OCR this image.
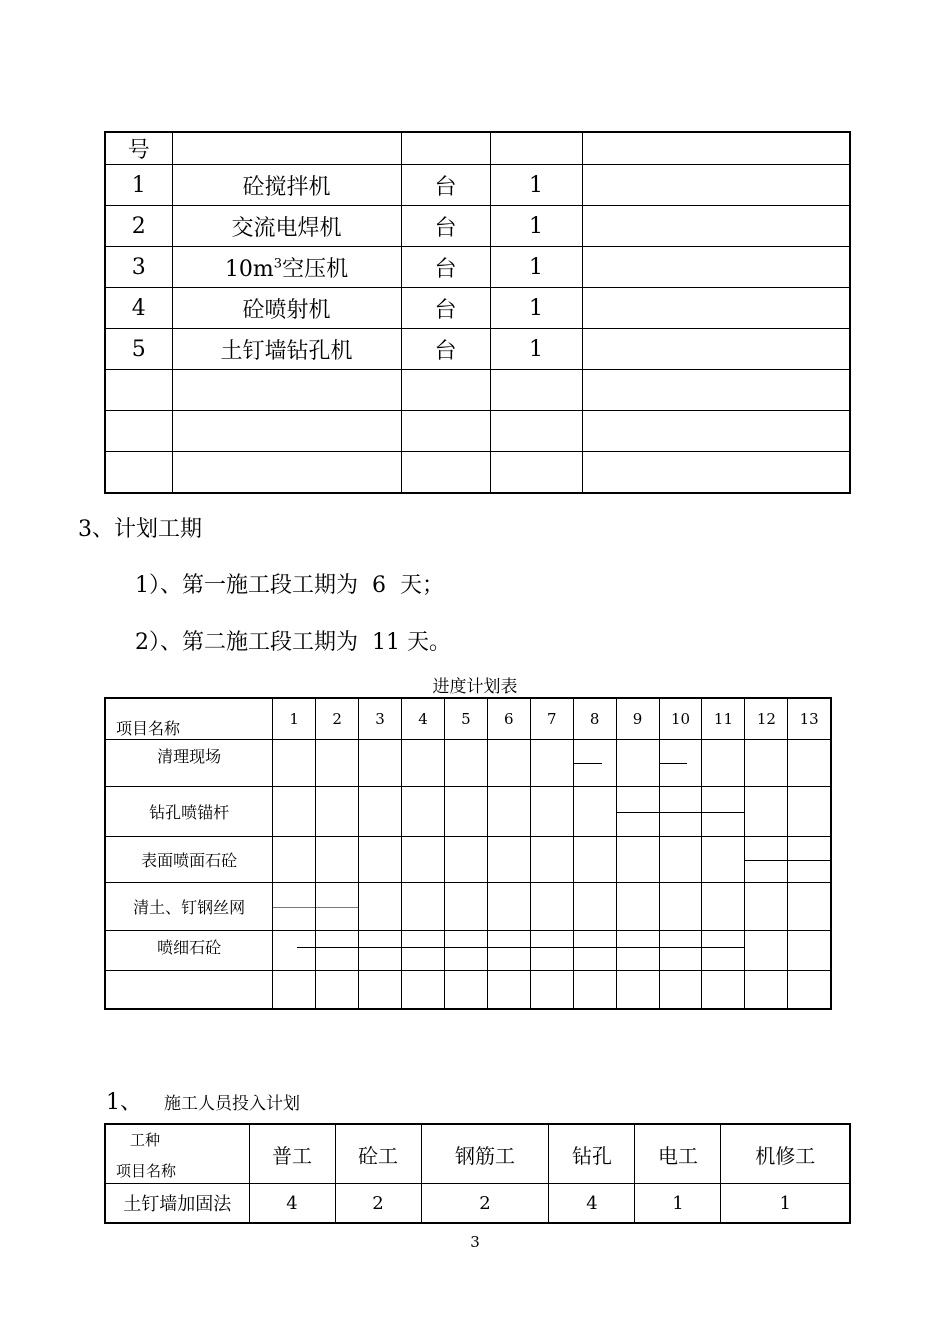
号				
1	砼搅拌机	台	1	
2	交流电焊机	台	1	
3	$10m^3$空压机	台	1	
4	砼喷射机	台	1	
5	土钉墙钻孔机	台	1	

3、计划工期
1）、第一施工段工期为  6  天；
2）、第二施工段工期为  11 天。
进度计划表
项目名称	1	2	3	4	5	6	7	8	9	10	11	12	13
清理现场								

钻孔喷锚杆									

表面喷面石砼												

清土、钉钢丝网	

喷细石砼	

1、 施工人员投入计划
工种
项目名称	普工	砼工	钢筋工	钻孔	电工	机修工
土钉墙加固法	4	2	2	4	1	1
3
